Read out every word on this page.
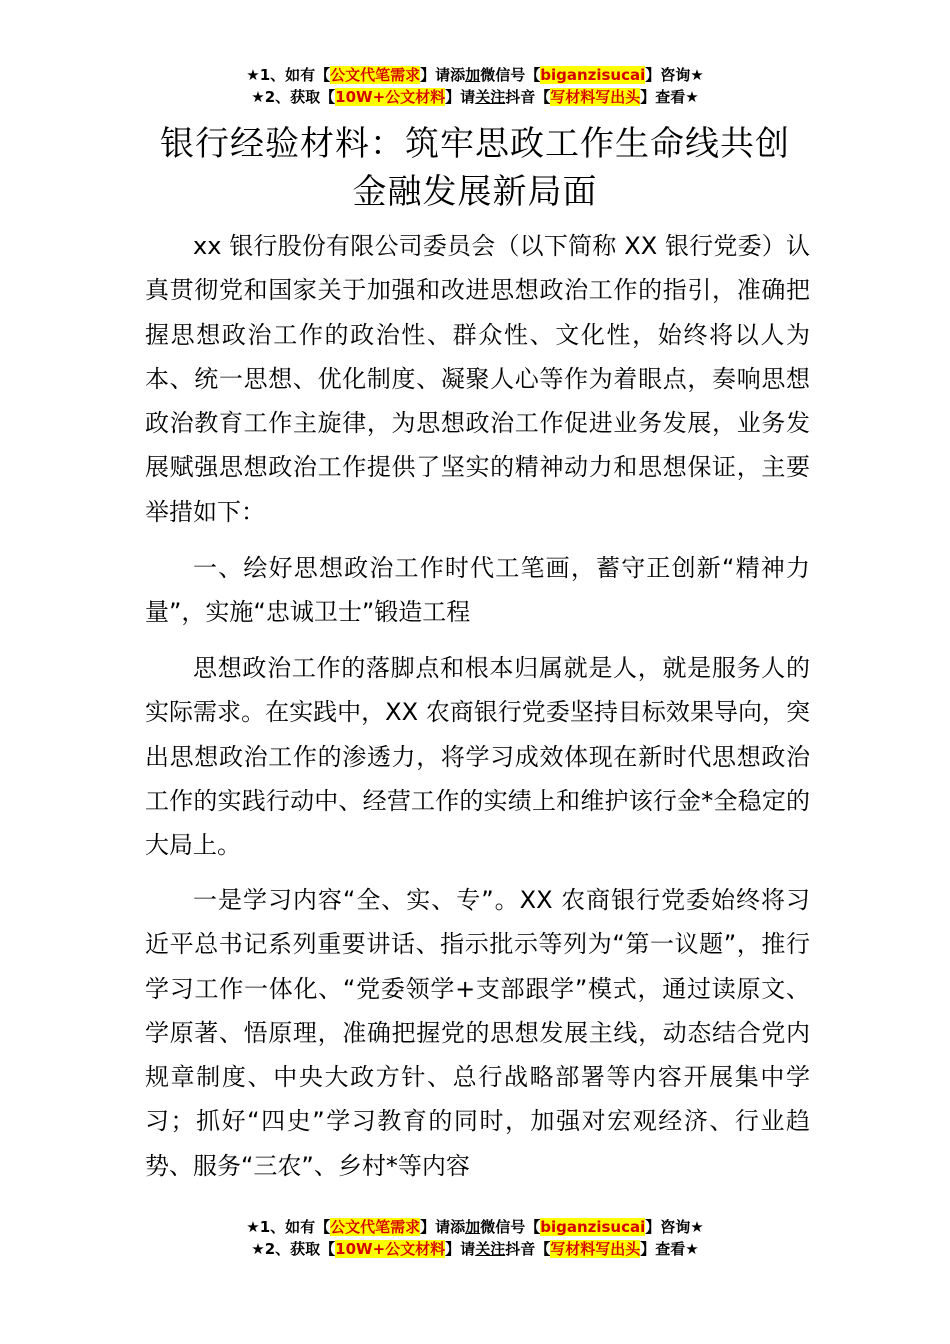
★1、如有【公文代笔需求】请添加微信号【biganzisucai】咨询★
★2、获取【10W+公文材料】请关注抖音【写材料写出头】查看★
银行经验材料：筑牢思政工作生命线共创金融发展新局面

xx 银行股份有限公司委员会（以下简称 XX 银行党委）认真贯彻党和国家关于加强和改进思想政治工作的指引，准确把握思想政治工作的政治性、群众性、文化性，始终将以人为本、统一思想、优化制度、凝聚人心等作为着眼点，奏响思想政治教育工作主旋律，为思想政治工作促进业务发展，业务发展赋强思想政治工作提供了坚实的精神动力和思想保证，主要举措如下：

一、绘好思想政治工作时代工笔画，蓄守正创新“精神力量”，实施“忠诚卫士”锻造工程

思想政治工作的落脚点和根本归属就是人，就是服务人的实际需求。在实践中，XX 农商银行党委坚持目标效果导向，突出思想政治工作的渗透力，将学习成效体现在新时代思想政治工作的实践行动中、经营工作的实绩上和维护该行金*全稳定的大局上。

一是学习内容“全、实、专”。XX 农商银行党委始终将习近平总书记系列重要讲话、指示批示等列为“第一议题”，推行学习工作一体化、“党委领学+支部跟学”模式，通过读原文、学原著、悟原理，准确把握党的思想发展主线，动态结合党内规章制度、中央大政方针、总行战略部署等内容开展集中学习；抓好“四史”学习教育的同时，加强对宏观经济、行业趋势、服务“三农”、乡村*等内容

★1、如有【公文代笔需求】请添加微信号【biganzisucai】咨询★
★2、获取【10W+公文材料】请关注抖音【写材料写出头】查看★
